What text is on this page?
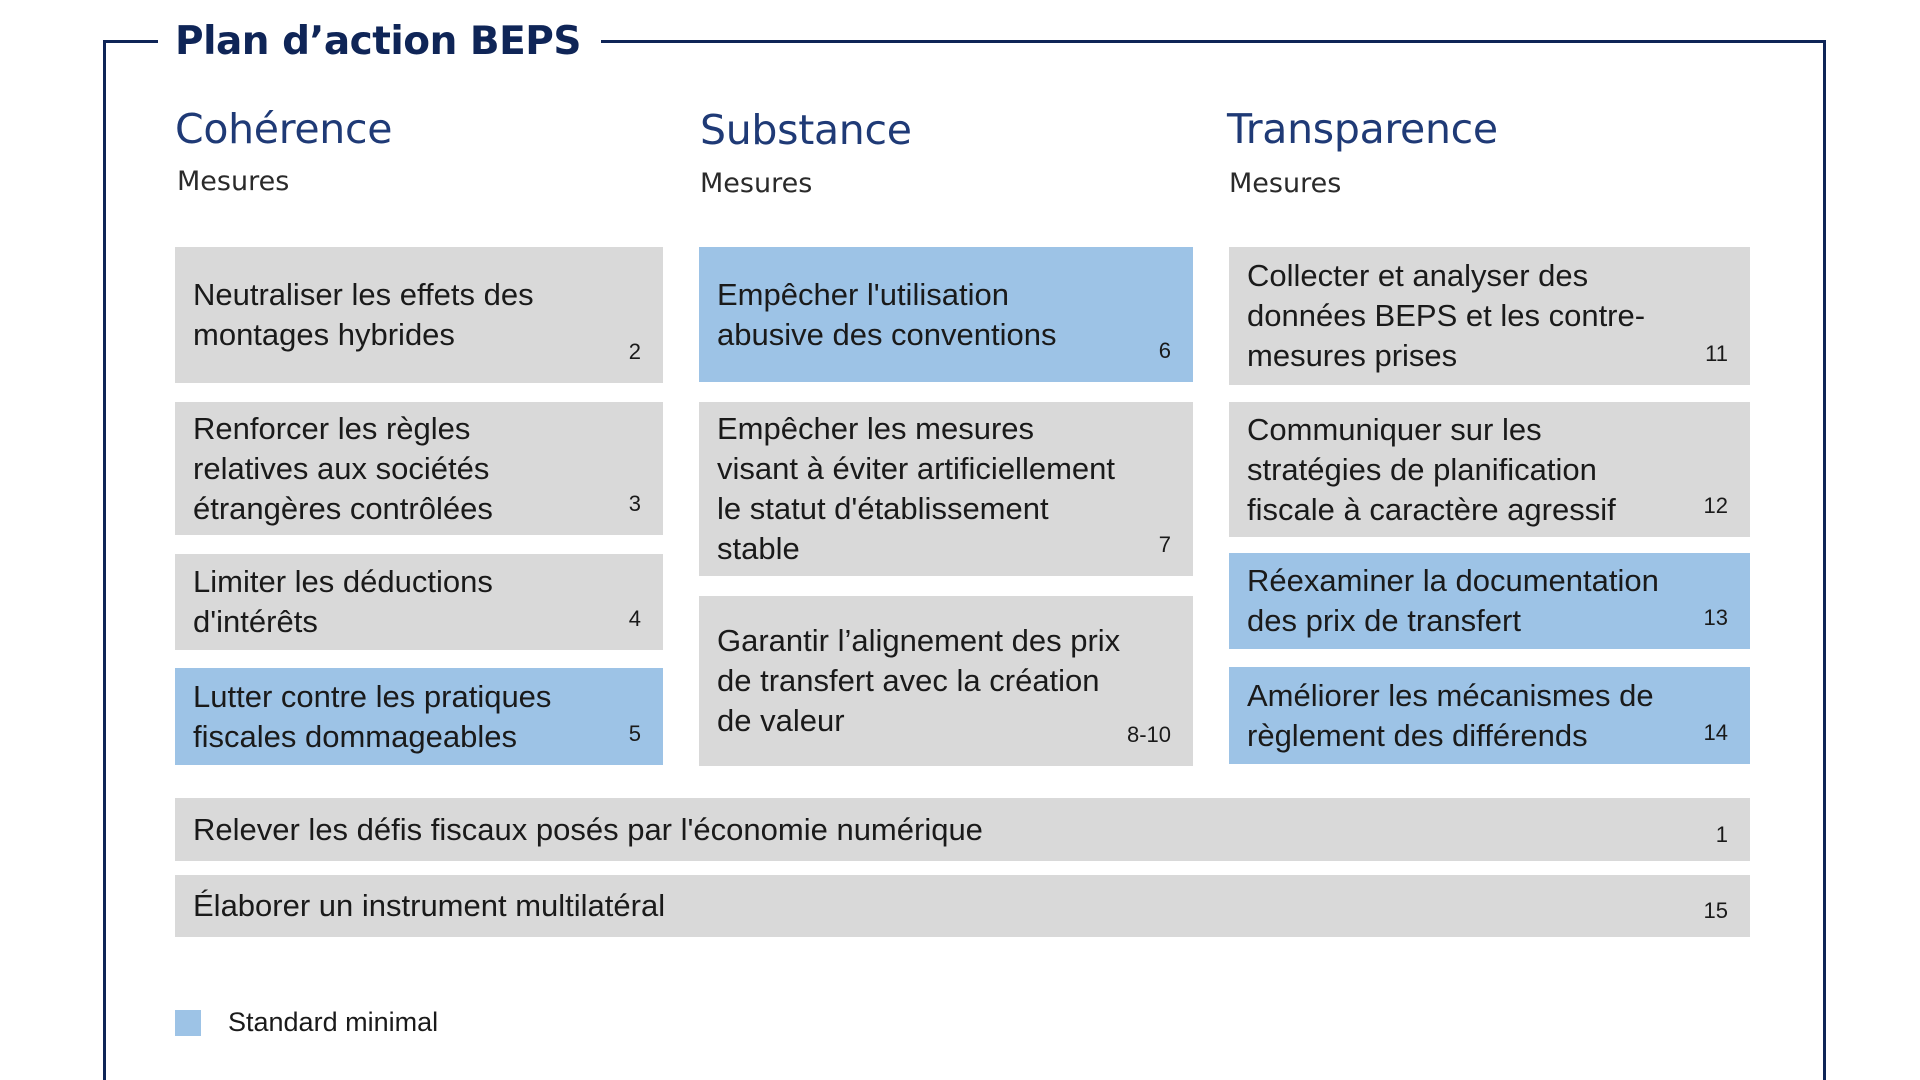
Plan d’action BEPS
Cohérence
Mesures
Substance
Mesures
Transparence
Mesures
Neutraliser les effets des montages hybrides	2
Renforcer les règles relatives aux sociétés étrangères contrôlées	3
Limiter les déductions d'intérêts	4
Lutter contre les pratiques fiscales dommageables	5
Empêcher l'utilisation abusive des conventions	6
Empêcher les mesures visant à éviter artificiellement le statut d'établissement stable	7
Garantir l’alignement des prix de transfert avec la création de valeur	8-10
Collecter et analyser des données BEPS et les contre-mesures prises	11
Communiquer sur les stratégies de planification fiscale à caractère agressif	12
Réexaminer la documentation des prix de transfert	13
Améliorer les mécanismes de règlement des différends	14
Relever les défis fiscaux posés par l'économie numérique	1
Élaborer un instrument multilatéral	15
Standard minimal
